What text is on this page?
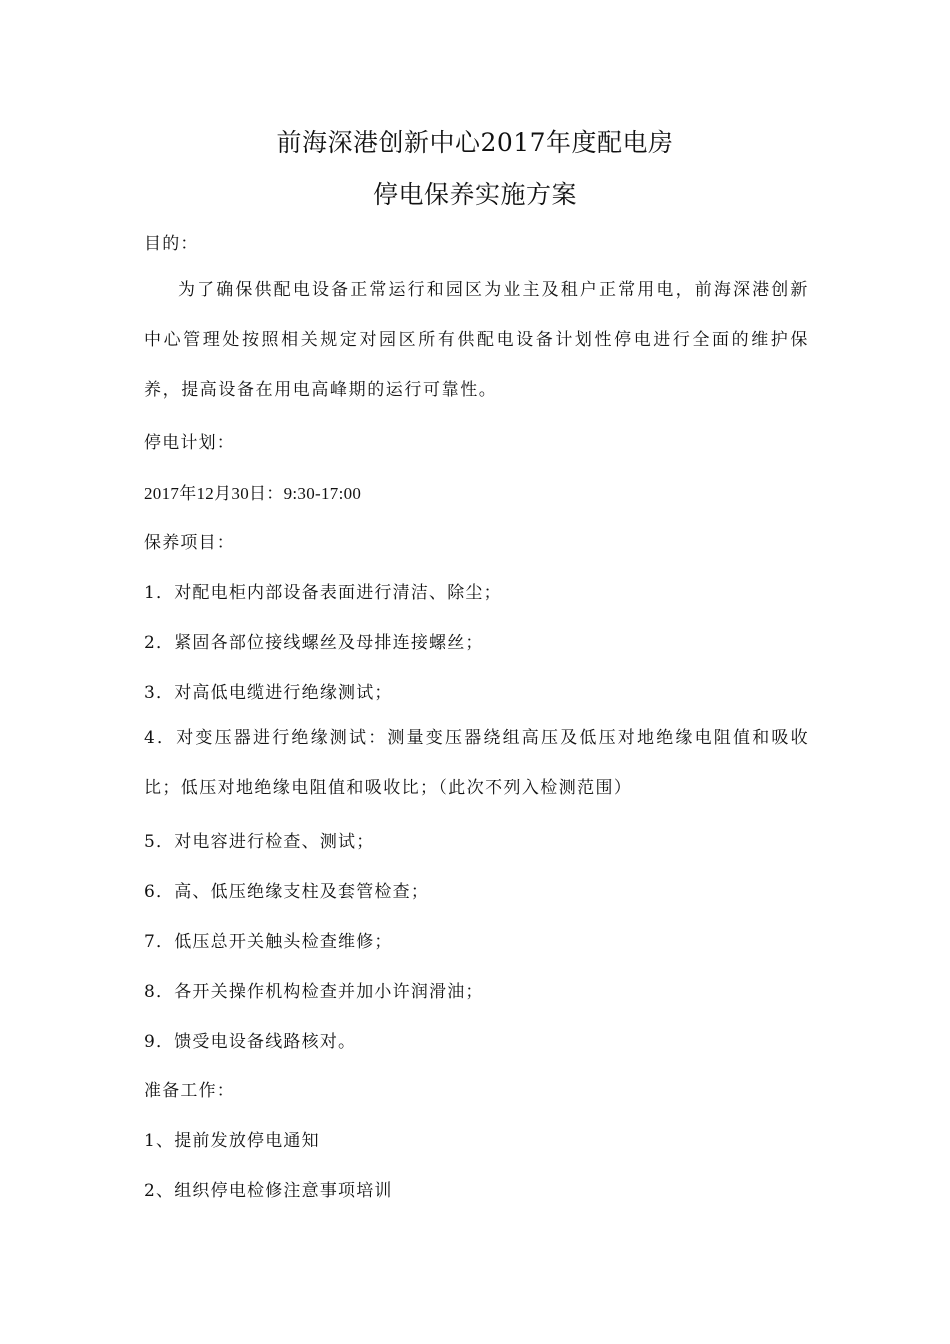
前海深港创新中心2017年度配电房
停电保养实施方案
目的：
为了确保供配电设备正常运行和园区为业主及租户正常用电，前海深港创新中心管理处按照相关规定对园区所有供配电设备计划性停电进行全面的维护保养，提高设备在用电高峰期的运行可靠性。
停电计划：
2017年12月30日：9:30-17:00
保养项目：
1．对配电柜内部设备表面进行清洁、除尘；
2．紧固各部位接线螺丝及母排连接螺丝；
3．对高低电缆进行绝缘测试；
4．对变压器进行绝缘测试：测量变压器绕组高压及低压对地绝缘电阻值和吸收比；低压对地绝缘电阻值和吸收比；（此次不列入检测范围）
5．对电容进行检查、测试；
6．高、低压绝缘支柱及套管检查；
7．低压总开关触头检查维修；
8．各开关操作机构检查并加小许润滑油；
9．馈受电设备线路核对。
准备工作：
1、提前发放停电通知
2、组织停电检修注意事项培训
